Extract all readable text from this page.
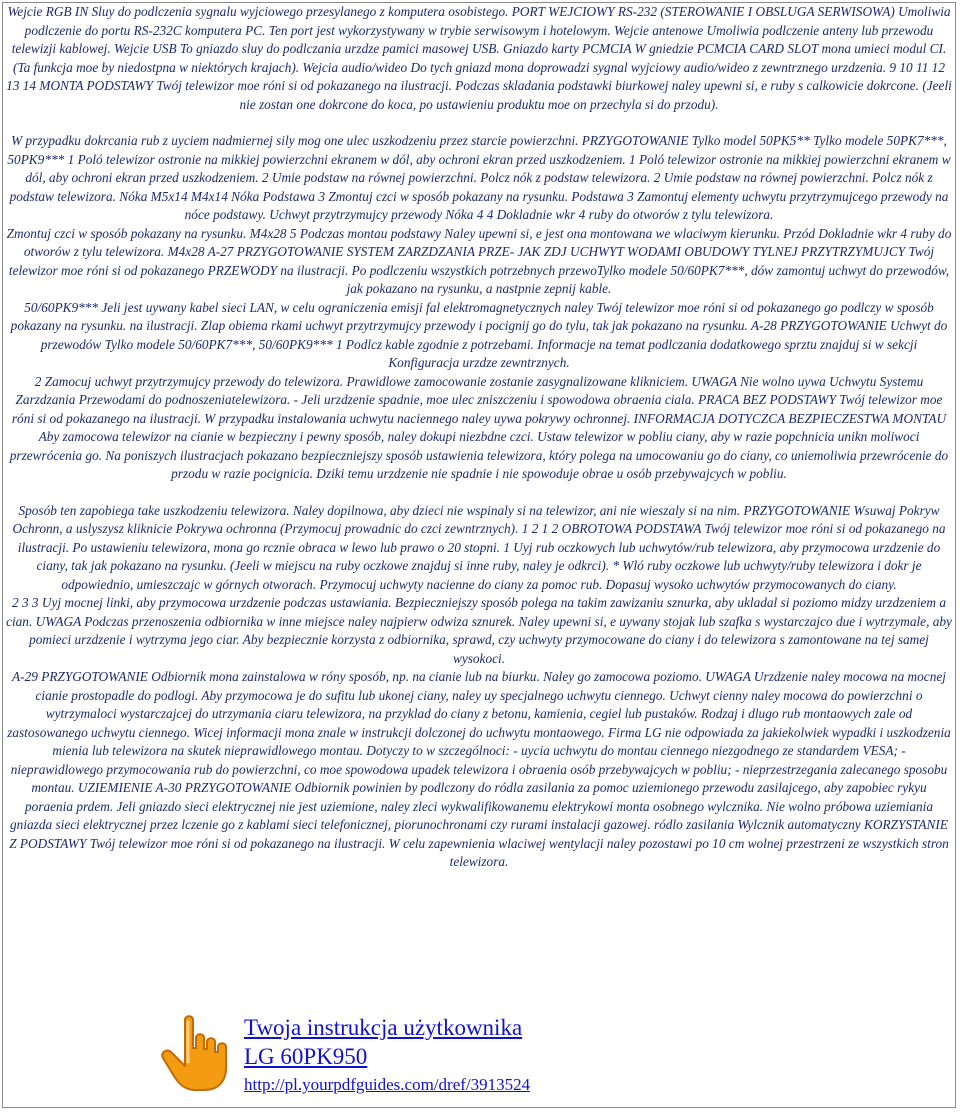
Wejcie RGB IN Sluy do podlczenia sygnalu wyjciowego przesylanego z komputera osobistego. PORT WEJCIOWY RS-232 (STEROWANIE I OBSLUGA SERWISOWA) Umoliwia podlczenie do portu RS-232C komputera PC. Ten port jest wykorzystywany w trybie serwisowym i hotelowym. Wejcie antenowe Umoliwia podlczenie anteny lub przewodu telewizji kablowej. Wejcie USB To gniazdo sluy do podlczania urzdze pamici masowej USB. Gniazdo karty PCMCIA W gniedzie PCMCIA CARD SLOT mona umieci modul CI. (Ta funkcja moe by niedostpna w niektórych krajach). Wejcia audio/wideo Do tych gniazd mona doprowadzi sygnal wyjciowy audio/wideo z zewntrznego urzdzenia. 9 10 11 12 13 14 MONTA PODSTAWY Twój telewizor moe róni si od pokazanego na ilustracji. Podczas skladania podstawki biurkowej naley upewni si, e ruby s calkowicie dokrcone. (Jeeli nie zostan one dokrcone do koca, po ustawieniu produktu moe on przechyla si do przodu).

W przypadku dokrcania rub z uyciem nadmiernej sily mog one ulec uszkodzeniu przez starcie powierzchni. PRZYGOTOWANIE Tylko model 50PK5** Tylko modele 50PK7***, 50PK9*** 1 Poló telewizor ostronie na mikkiej powierzchni ekranem w dól, aby ochroni ekran przed uszkodzeniem. 1 Poló telewizor ostronie na mikkiej powierzchni ekranem w dól, aby ochroni ekran przed uszkodzeniem. 2 Umie podstaw na równej powierzchni. Polcz nók z podstaw telewizora. 2 Umie podstaw na równej powierzchni. Polcz nók z podstaw telewizora. Nóka M5x14 M4x14 Nóka Podstawa 3 Zmontuj czci w sposób pokazany na rysunku. Podstawa 3 Zamontuj elementy uchwytu przytrzymujcego przewody na nóce podstawy. Uchwyt przytrzymujcy przewody Nóka 4 4 Dokladnie wkr 4 ruby do otworów z tylu telewizora.

Zmontuj czci w sposób pokazany na rysunku. M4x28 5 Podczas montau podstawy Naley upewni si, e jest ona montowana we wlaciwym kierunku. Przód Dokladnie wkr 4 ruby do otworów z tylu telewizora. M4x28 A-27 PRZYGOTOWANIE SYSTEM ZARZDZANIA PRZE- JAK ZDJ UCHWYT WODAMI OBUDOWY TYLNEJ PRZYTRZYMUJCY Twój telewizor moe róni si od pokazanego PRZEWODY na ilustracji. Po podlczeniu wszystkich potrzebnych przewoTylko modele 50/60PK7***, dów zamontuj uchwyt do przewodów, jak pokazano na rysunku, a nastpnie zepnij kable.

50/60PK9*** Jeli jest uywany kabel sieci LAN, w celu ograniczenia emisji fal elektromagnetycznych naley Twój telewizor moe róni si od pokazanego go podlczy w sposób pokazany na rysunku. na ilustracji. Zlap obiema rkami uchwyt przytrzymujcy przewody i pocignij go do tylu, tak jak pokazano na rysunku. A-28 PRZYGOTOWANIE Uchwyt do przewodów Tylko modele 50/60PK7***, 50/60PK9*** 1 Podlcz kable zgodnie z potrzebami. Informacje na temat podlczania dodatkowego sprztu znajduj si w sekcji Konfiguracja urzdze zewntrznych.

2 Zamocuj uchwyt przytrzymujcy przewody do telewizora. Prawidlowe zamocowanie zostanie zasygnalizowane klikniciem. UWAGA Nie wolno uywa Uchwytu Systemu Zarzdzania Przewodami do podnoszeniatelewizora. - Jeli urzdzenie spadnie, moe ulec zniszczeniu i spowodowa obraenia ciala. PRACA BEZ PODSTAWY Twój telewizor moe róni si od pokazanego na ilustracji. W przypadku instalowania uchwytu naciennego naley uywa pokrywy ochronnej. INFORMACJA DOTYCZCA BEZPIECZESTWA MONTAU Aby zamocowa telewizor na cianie w bezpieczny i pewny sposób, naley dokupi niezbdne czci. Ustaw telewizor w pobliu ciany, aby w razie popchnicia unikn moliwoci przewrócenia go. Na poniszych ilustracjach pokazano bezpieczniejszy sposób ustawienia telewizora, który polega na umocowaniu go do ciany, co uniemoliwia przewrócenie do przodu w razie pocignicia. Dziki temu urzdzenie nie spadnie i nie spowoduje obrae u osób przebywajcych w pobliu.

Sposób ten zapobiega take uszkodzeniu telewizora. Naley dopilnowa, aby dzieci nie wspinaly si na telewizor, ani nie wieszaly si na nim. PRZYGOTOWANIE Wsuwaj Pokryw Ochronn, a uslyszysz kliknicie Pokrywa ochronna (Przymocuj prowadnic do czci zewntrznych). 1 2 1 2 OBROTOWA PODSTAWA Twój telewizor moe róni si od pokazanego na ilustracji. Po ustawieniu telewizora, mona go rcznie obraca w lewo lub prawo o 20 stopni. 1 Uyj rub oczkowych lub uchwytów/rub telewizora, aby przymocowa urzdzenie do ciany, tak jak pokazano na rysunku. (Jeeli w miejscu na ruby oczkowe znajduj si inne ruby, naley je odkrci). * Wló ruby oczkowe lub uchwyty/ruby telewizora i dokr je odpowiednio, umieszczajc w górnych otworach. Przymocuj uchwyty nacienne do ciany za pomoc rub. Dopasuj wysoko uchwytów przymocowanych do ciany.

2 3 3 Uyj mocnej linki, aby przymocowa urzdzenie podczas ustawiania. Bezpieczniejszy sposób polega na takim zawizaniu sznurka, aby ukladal si poziomo midzy urzdzeniem a cian. UWAGA Podczas przenoszenia odbiornika w inne miejsce naley najpierw odwiza sznurek. Naley upewni si, e uywany stojak lub szafka s wystarczajco due i wytrzymale, aby pomieci urzdzenie i wytrzyma jego ciar. Aby bezpiecznie korzysta z odbiornika, sprawd, czy uchwyty przymocowane do ciany i do telewizora s zamontowane na tej samej wysokoci.

A-29 PRZYGOTOWANIE Odbiornik mona zainstalowa w róny sposób, np. na cianie lub na biurku. Naley go zamocowa poziomo. UWAGA Urzdzenie naley mocowa na mocnej cianie prostopadle do podlogi. Aby przymocowa je do sufitu lub ukonej ciany, naley uy specjalnego uchwytu ciennego. Uchwyt cienny naley mocowa do powierzchni o wytrzymaloci wystarczajcej do utrzymania ciaru telewizora, na przyklad do ciany z betonu, kamienia, cegiel lub pustaków. Rodzaj i dlugo rub montaowych zale od zastosowanego uchwytu ciennego. Wicej informacji mona znale w instrukcji dolczonej do uchwytu montaowego. Firma LG nie odpowiada za jakiekolwiek wypadki i uszkodzenia mienia lub telewizora na skutek nieprawidlowego montau. Dotyczy to w szczególnoci: - uycia uchwytu do montau ciennego niezgodnego ze standardem VESA; - nieprawidlowego przymocowania rub do powierzchni, co moe spowodowa upadek telewizora i obraenia osób przebywajcych w pobliu; - nieprzestrzegania zalecanego sposobu montau. UZIEMIENIE A-30 PRZYGOTOWANIE Odbiornik powinien by podlczony do ródla zasilania za pomoc uziemionego przewodu zasilajcego, aby zapobiec rykyu poraenia prdem. Jeli gniazdo sieci elektrycznej nie jest uziemione, naley zleci wykwalifikowanemu elektrykowi monta osobnego wylcznika. Nie wolno próbowa uziemiania gniazda sieci elektrycznej przez lczenie go z kablami sieci telefonicznej, piorunochronami czy rurami instalacji gazowej. ródlo zasilania Wylcznik automatyczny KORZYSTANIE Z PODSTAWY Twój telewizor moe róni si od pokazanego na ilustracji. W celu zapewnienia wlaciwej wentylacji naley pozostawi po 10 cm wolnej przestrzeni ze wszystkich stron telewizora.

Twoja instrukcja użytkownika
LG 60PK950
http://pl.yourpdfguides.com/dref/3913524
